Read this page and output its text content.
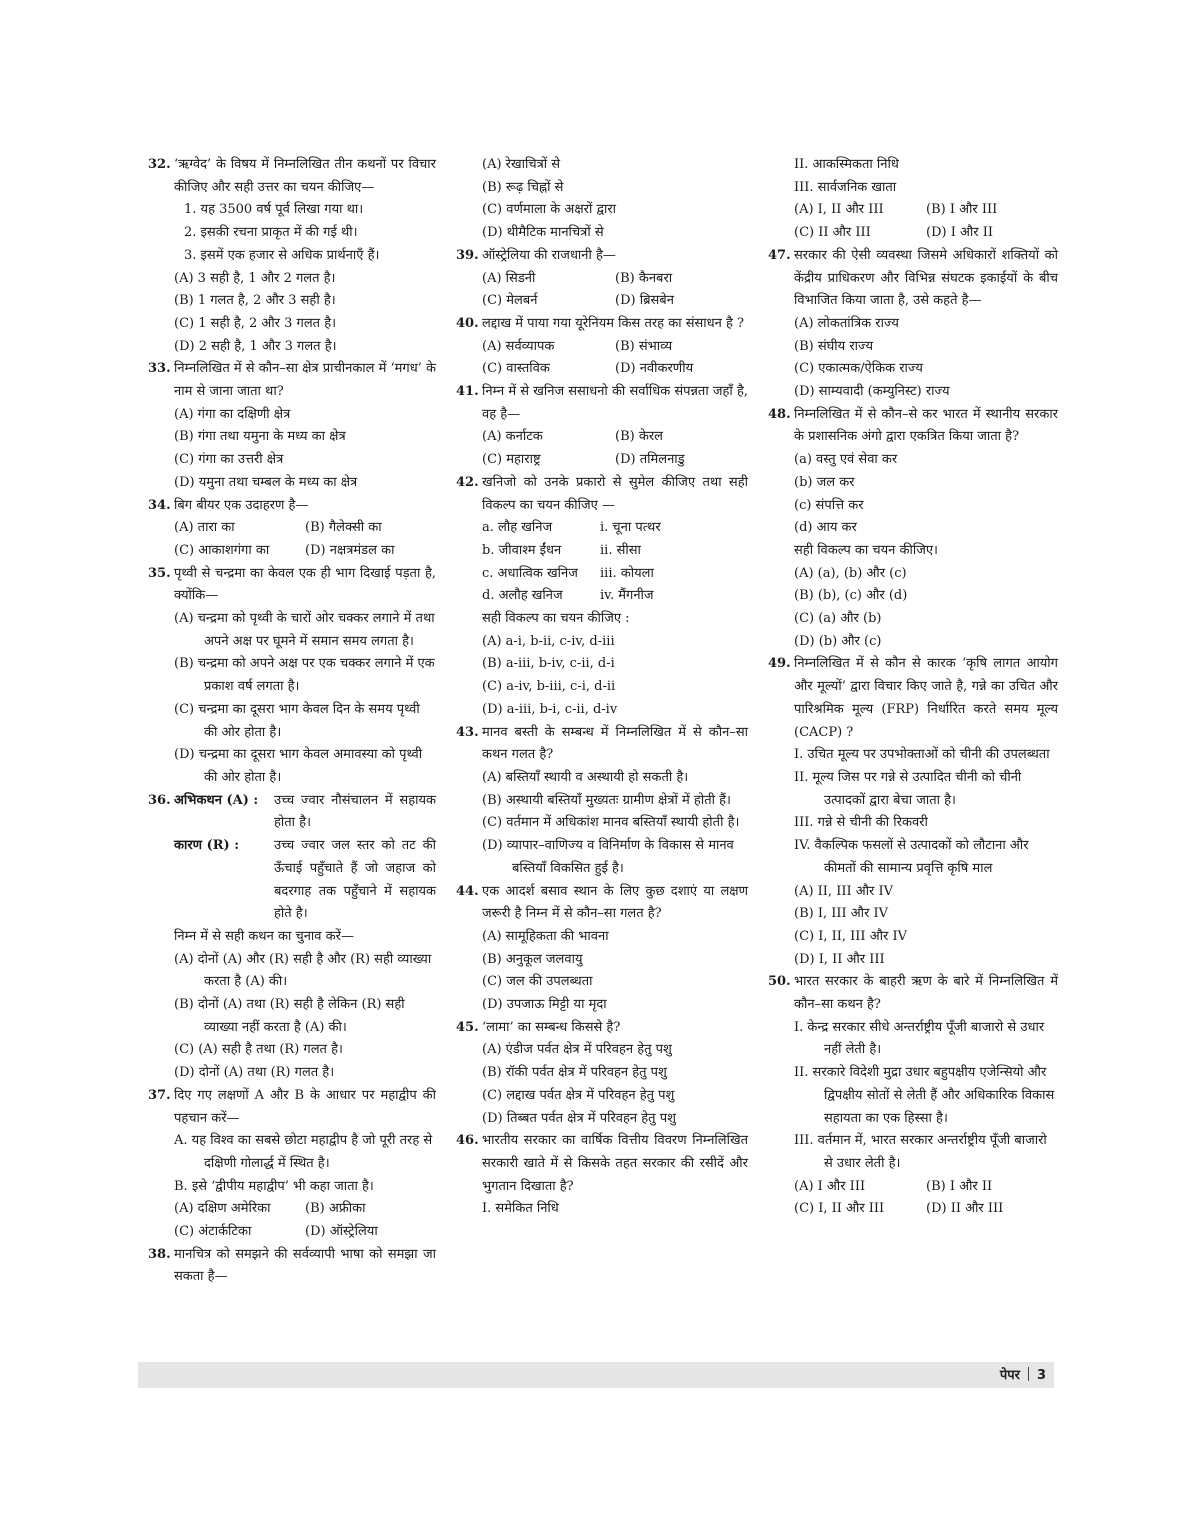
32. ‘ऋग्वेद’ के विषय में निम्नलिखित तीन कथनों पर विचार कीजिए और सही उत्तर का चयन कीजिए—
1. यह 3500 वर्ष पूर्व लिखा गया था।
2. इसकी रचना प्राकृत में की गई थी।
3. इसमें एक हजार से अधिक प्रार्थनाएँ हैं।
(A) 3 सही है, 1 और 2 गलत है।
(B) 1 गलत है, 2 और 3 सही है।
(C) 1 सही है, 2 और 3 गलत है।
(D) 2 सही है, 1 और 3 गलत है।
33. निम्नलिखित में से कौन–सा क्षेत्र प्राचीनकाल में ‘मगध’ के नाम से जाना जाता था?
(A) गंगा का दक्षिणी क्षेत्र
(B) गंगा तथा यमुना के मध्य का क्षेत्र
(C) गंगा का उत्तरी क्षेत्र
(D) यमुना तथा चम्बल के मध्य का क्षेत्र
34. बिग बीयर एक उदाहरण है—
(A) तारा का	(B) गैलेक्सी का
(C) आकाशगंगा का	(D) नक्षत्रमंडल का
35. पृथ्वी से चन्द्रमा का केवल एक ही भाग दिखाई पड़ता है, क्योंकि—
(A) चन्द्रमा को पृथ्वी के चारों ओर चक्कर लगाने में तथा अपने अक्ष पर घूमने में समान समय लगता है।
(B) चन्द्रमा को अपने अक्ष पर एक चक्कर लगाने में एक प्रकाश वर्ष लगता है।
(C) चन्द्रमा का दूसरा भाग केवल दिन के समय पृथ्वी की ओर होता है।
(D) चन्द्रमा का दूसरा भाग केवल अमावस्या को पृथ्वी की ओर होता है।
36. अभिकथन (A) :	उच्च ज्वार नौसंचालन में सहायक होता है।
कारण (R) :	उच्च ज्वार जल स्तर को तट की ऊँचाई पहुँचाते हैं जो जहाज को बदरगाह तक पहुँचाने में सहायक होते है।
निम्न में से सही कथन का चुनाव करें—
(A) दोनों (A) और (R) सही है और (R) सही व्याख्या करता है (A) की।
(B) दोनों (A) तथा (R) सही है लेकिन (R) सही व्याख्या नहीं करता है (A) की।
(C) (A) सही है तथा (R) गलत है।
(D) दोनों (A) तथा (R) गलत है।
37. दिए गए लक्षणों A और B के आधार पर महाद्वीप की पहचान करें—
A. यह विश्व का सबसे छोटा महाद्वीप है जो पूरी तरह से दक्षिणी गोलार्द्ध में स्थित है।
B. इसे ‘द्वीपीय महाद्वीप’ भी कहा जाता है।
(A) दक्षिण अमेरिका	(B) अफ्रीका
(C) अंटार्कटिका	(D) ऑस्ट्रेलिया
38. मानचित्र को समझने की सर्वव्यापी भाषा को समझा जा सकता है—
(A) रेखाचित्रों से
(B) रूढ़ चिह्नों से
(C) वर्णमाला के अक्षरों द्वारा
(D) थीमैटिक मानचित्रों से
39. ऑस्ट्रेलिया की राजधानी है—
(A) सिडनी	(B) कैनबरा
(C) मेलबर्न	(D) ब्रिसबेन
40. लद्दाख में पाया गया यूरेनियम किस तरह का संसाधन है ?
(A) सर्वव्यापक	(B) संभाव्य
(C) वास्तविक	(D) नवीकरणीय
41. निम्न में से खनिज ससाधनो की सर्वाधिक संपन्नता जहाँ है, वह है—
(A) कर्नाटक	(B) केरल
(C) महाराष्ट्र	(D) तमिलनाडु
42. खनिजो को उनके प्रकारो से सुमेल कीजिए तथा सही विकल्प का चयन कीजिए —
a. लौह खनिज	i. चूना पत्थर
b. जीवाश्म ईंधन	ii. सीसा
c. अधात्विक खनिज	iii. कोयला
d. अलौह खनिज	iv. मैंगनीज
सही विकल्प का चयन कीजिए :
(A) a-i, b-ii, c-iv, d-iii
(B) a-iii, b-iv, c-ii, d-i
(C) a-iv, b-iii, c-i, d-ii
(D) a-iii, b-i, c-ii, d-iv
43. मानव बस्ती के सम्बन्ध में निम्नलिखित में से कौन–सा कथन गलत है?
(A) बस्तियाँ स्थायी व अस्थायी हो सकती है।
(B) अस्थायी बस्तियाँ मुख्यतः ग्रामीण क्षेत्रों में होती हैं।
(C) वर्तमान में अधिकांश मानव बस्तियाँ स्थायी होती है।
(D) व्यापार–वाणिज्य व विनिर्माण के विकास से मानव बस्तियाँ विकसित हुई है।
44. एक आदर्श बसाव स्थान के लिए कुछ दशाएं या लक्षण जरूरी है निम्न में से कौन–सा गलत है?
(A) सामूहिकता की भावना
(B) अनुकूल जलवायु
(C) जल की उपलब्धता
(D) उपजाऊ मिट्टी या मृदा
45. ‘लामा’ का सम्बन्ध किससे है?
(A) एंडीज पर्वत क्षेत्र में परिवहन हेतु पशु
(B) रॉकी पर्वत क्षेत्र में परिवहन हेतु पशु
(C) लद्दाख पर्वत क्षेत्र में परिवहन हेतु पशु
(D) तिब्बत पर्वत क्षेत्र में परिवहन हेतु पशु
46. भारतीय सरकार का वार्षिक वित्तीय विवरण निम्नलिखित सरकारी खाते में से किसके तहत सरकार की रसीदें और भुगतान दिखाता है?
I. समेकित निधि
II. आकस्मिकता निधि
III. सार्वजनिक खाता
(A) I, II और III	(B) I और III
(C) II और III	(D) I और II
47. सरकार की ऐसी व्यवस्था जिसमे अधिकारों शक्तियों को केंद्रीय प्राधिकरण और विभिन्न संघटक इकाईयों के बीच विभाजित किया जाता है, उसे कहते है—
(A) लोकतांत्रिक राज्य
(B) संघीय राज्य
(C) एकात्मक/ऐकिक राज्य
(D) साम्यवादी (कम्युनिस्ट) राज्य
48. निम्नलिखित में से कौन–से कर भारत में स्थानीय सरकार के प्रशासनिक अंगो द्वारा एकत्रित किया जाता है?
(a) वस्तु एवं सेवा कर
(b) जल कर
(c) संपत्ति कर
(d) आय कर
सही विकल्प का चयन कीजिए।
(A) (a), (b) और (c)
(B) (b), (c) और (d)
(C) (a) और (b)
(D) (b) और (c)
49. निम्नलिखित में से कौन से कारक ‘कृषि लागत आयोग और मूल्यों’ द्वारा विचार किए जाते है, गन्ने का उचित और पारिश्रमिक मूल्य (FRP) निर्धारित करते समय मूल्य (CACP) ?
I. उचित मूल्य पर उपभोक्ताओं को चीनी की उपलब्धता
II. मूल्य जिस पर गन्ने से उत्पादित चीनी को चीनी उत्पादकों द्वारा बेचा जाता है।
III. गन्ने से चीनी की रिकवरी
IV. वैकल्पिक फसलों से उत्पादकों को लौटाना और कीमतों की सामान्य प्रवृत्ति कृषि माल
(A) II, III और IV
(B) I, III और IV
(C) I, II, III और IV
(D) I, II और III
50. भारत सरकार के बाहरी ऋण के बारे में निम्नलिखित में कौन–सा कथन है?
I. केन्द्र सरकार सीधे अन्तर्राष्ट्रीय पूँजी बाजारो से उधार नहीं लेती है।
II. सरकारे विदेशी मुद्रा उधार बहुपक्षीय एजेन्सियो और द्विपक्षीय सोतों से लेती हैं और अधिकारिक विकास सहायता का एक हिस्सा है।
III. वर्तमान में, भारत सरकार अन्तर्राष्ट्रीय पूँजी बाजारो से उधार लेती है।
(A) I और III	(B) I और II
(C) I, II और III	(D) II और III
पेपर 3
